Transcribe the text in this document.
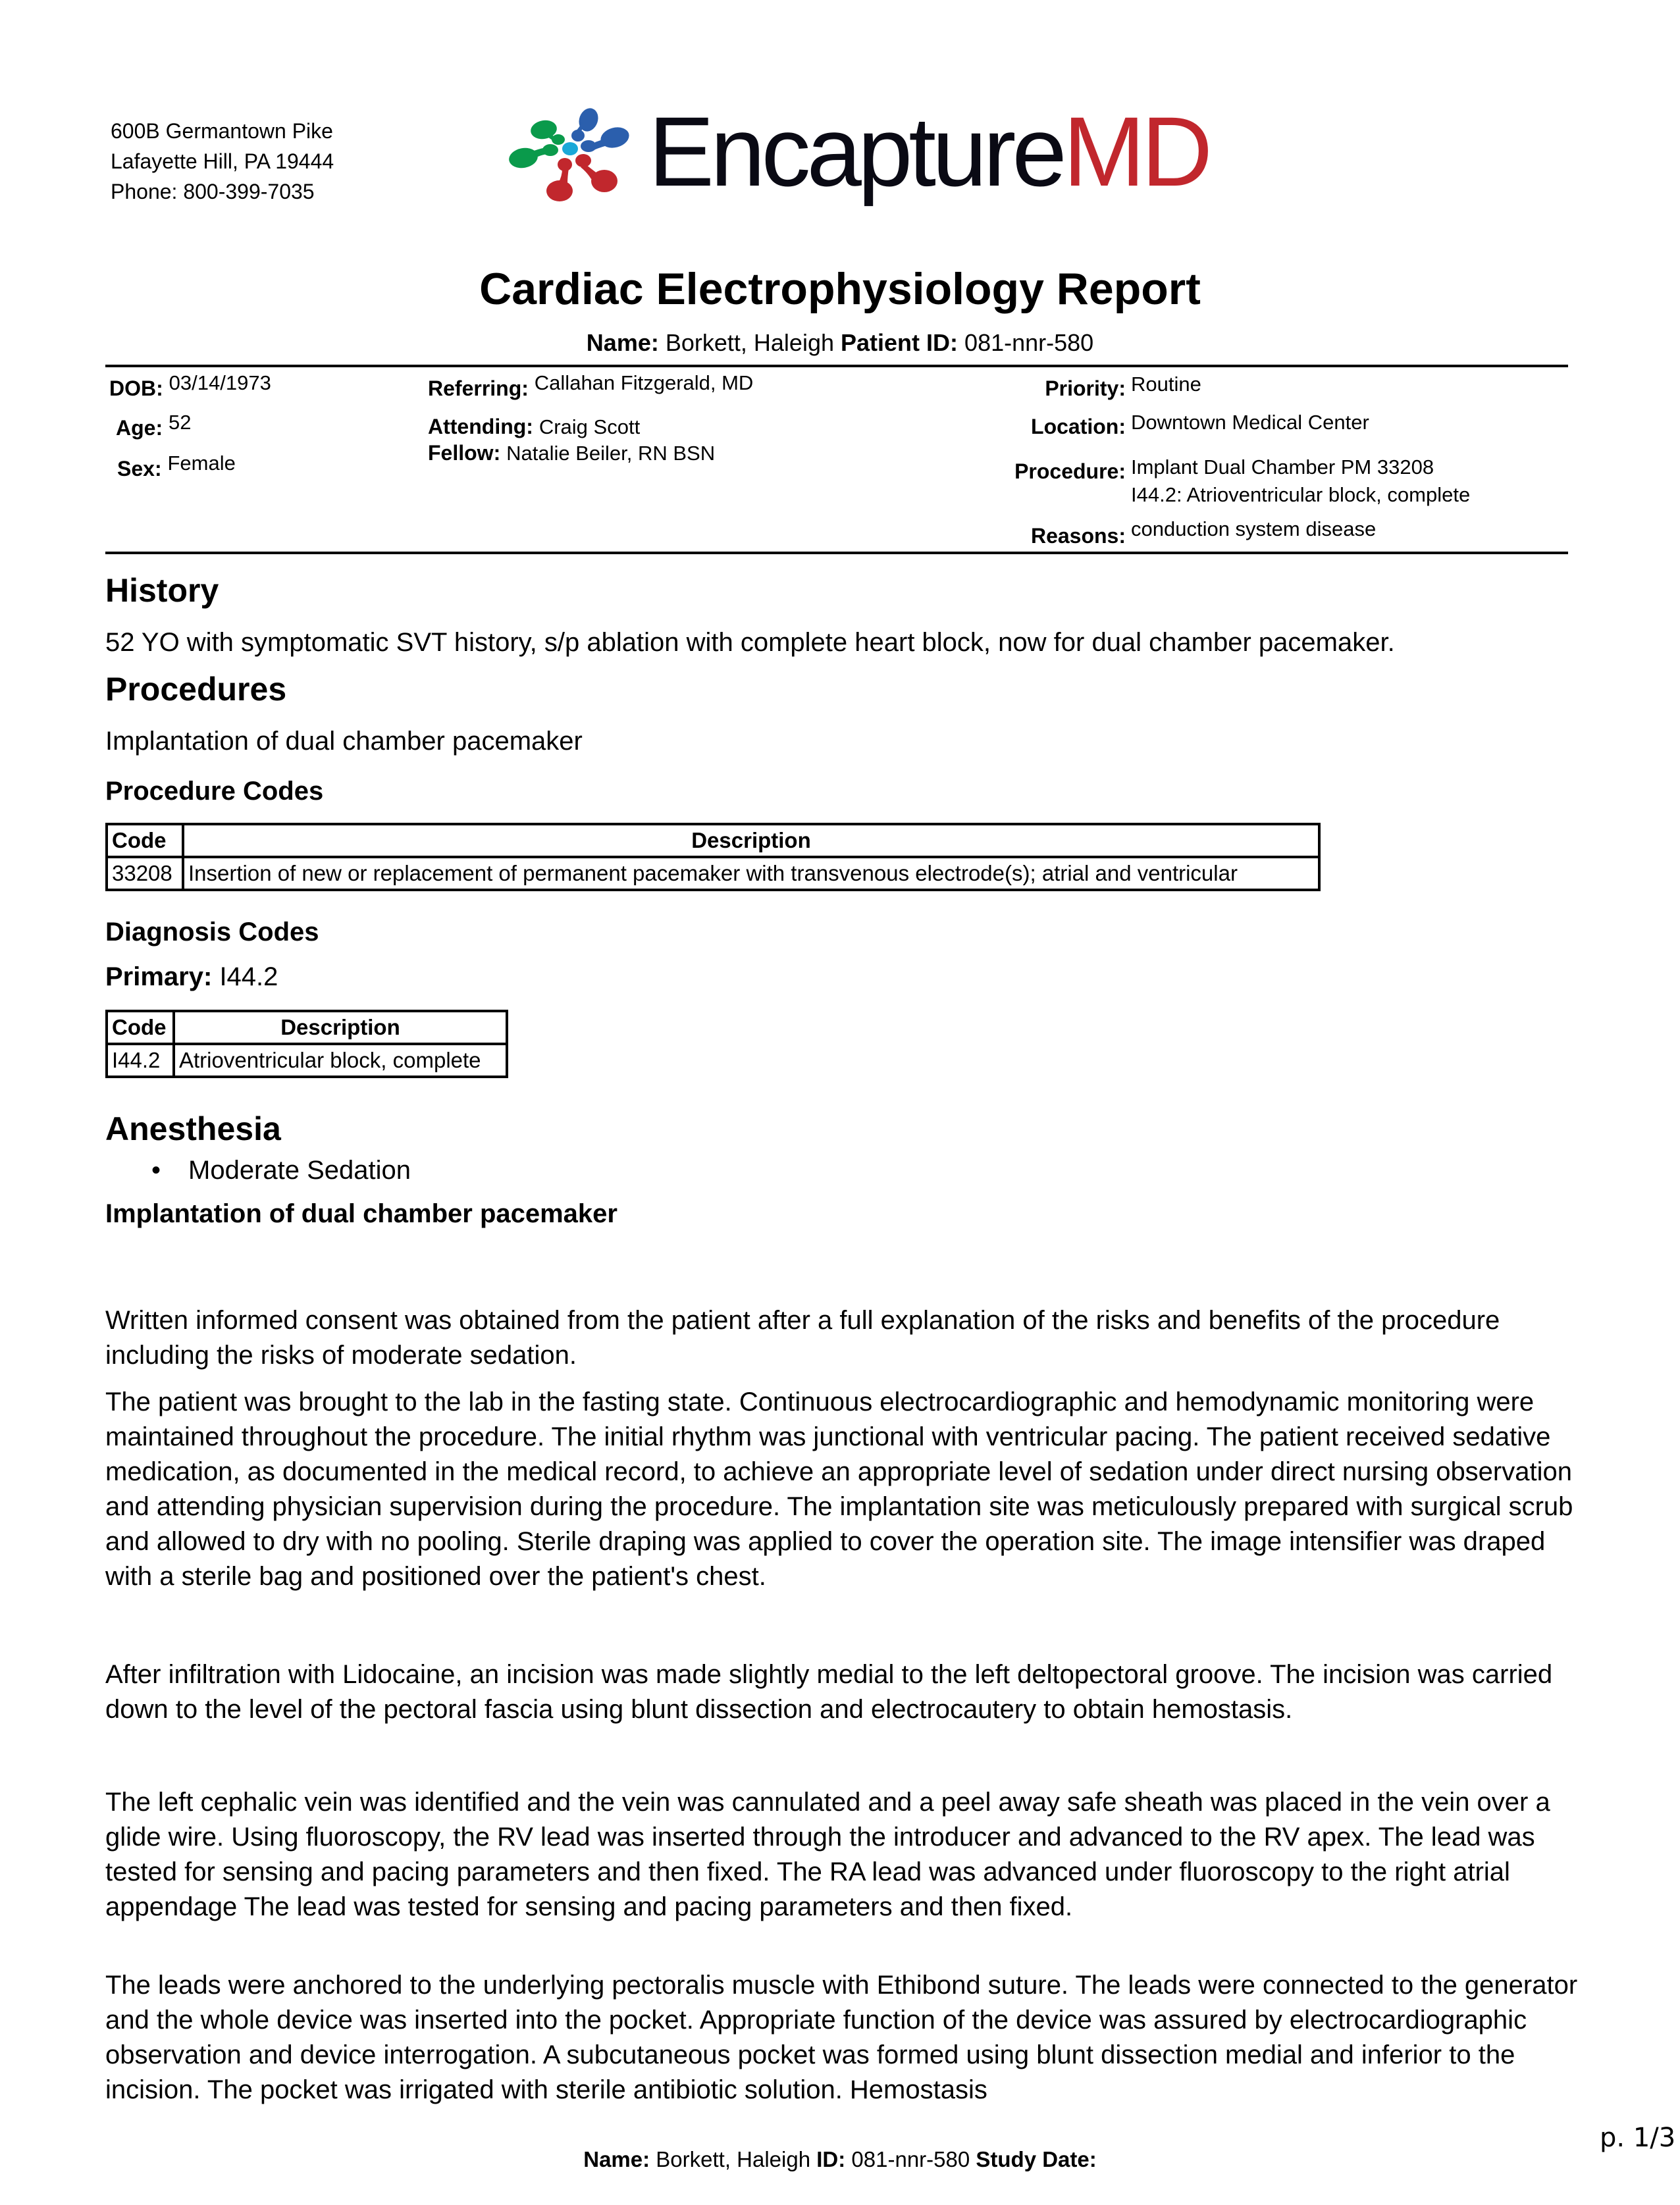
600B Germantown Pike
Lafayette Hill, PA 19444
Phone: 800-399-7035	EncaptureMD
Cardiac Electrophysiology Report
Name: Borkett, Haleigh Patient ID: 081-nnr-580
DOB: 03/14/1973
Age: 52
Sex: Female
Referring: Callahan Fitzgerald, MD
Attending: Craig Scott
Fellow: Natalie Beiler, RN BSN
Priority: Routine
Location: Downtown Medical Center
Procedure: Implant Dual Chamber PM 33208
I44.2: Atrioventricular block, complete
Reasons: conduction system disease
History
52 YO with symptomatic SVT history, s/p ablation with complete heart block, now for dual chamber pacemaker.
Procedures
Implantation of dual chamber pacemaker
Procedure Codes
Code	Description
33208	Insertion of new or replacement of permanent pacemaker with transvenous electrode(s); atrial and ventricular
Diagnosis Codes
Primary: I44.2
Code	Description
I44.2	Atrioventricular block, complete
Anesthesia
• Moderate Sedation
Implantation of dual chamber pacemaker
Written informed consent was obtained from the patient after a full explanation of the risks and benefits of the procedure including the risks of moderate sedation.
The patient was brought to the lab in the fasting state. Continuous electrocardiographic and hemodynamic monitoring were maintained throughout the procedure. The initial rhythm was junctional with ventricular pacing. The patient received sedative medication, as documented in the medical record, to achieve an appropriate level of sedation under direct nursing observation and attending physician supervision during the procedure. The implantation site was meticulously prepared with surgical scrub and allowed to dry with no pooling. Sterile draping was applied to cover the operation site. The image intensifier was draped with a sterile bag and positioned over the patient's chest.
After infiltration with Lidocaine, an incision was made slightly medial to the left deltopectoral groove. The incision was carried down to the level of the pectoral fascia using blunt dissection and electrocautery to obtain hemostasis.
The left cephalic vein was identified and the vein was cannulated and a peel away safe sheath was placed in the vein over a glide wire. Using fluoroscopy, the RV lead was inserted through the introducer and advanced to the RV apex. The lead was tested for sensing and pacing parameters and then fixed. The RA lead was advanced under fluoroscopy to the right atrial appendage The lead was tested for sensing and pacing parameters and then fixed.
The leads were anchored to the underlying pectoralis muscle with Ethibond suture. The leads were connected to the generator and the whole device was inserted into the pocket. Appropriate function of the device was assured by electrocardiographic observation and device interrogation. A subcutaneous pocket was formed using blunt dissection medial and inferior to the incision. The pocket was irrigated with sterile antibiotic solution. Hemostasis
Name: Borkett, Haleigh ID: 081-nnr-580 Study Date:
p. 1/3
